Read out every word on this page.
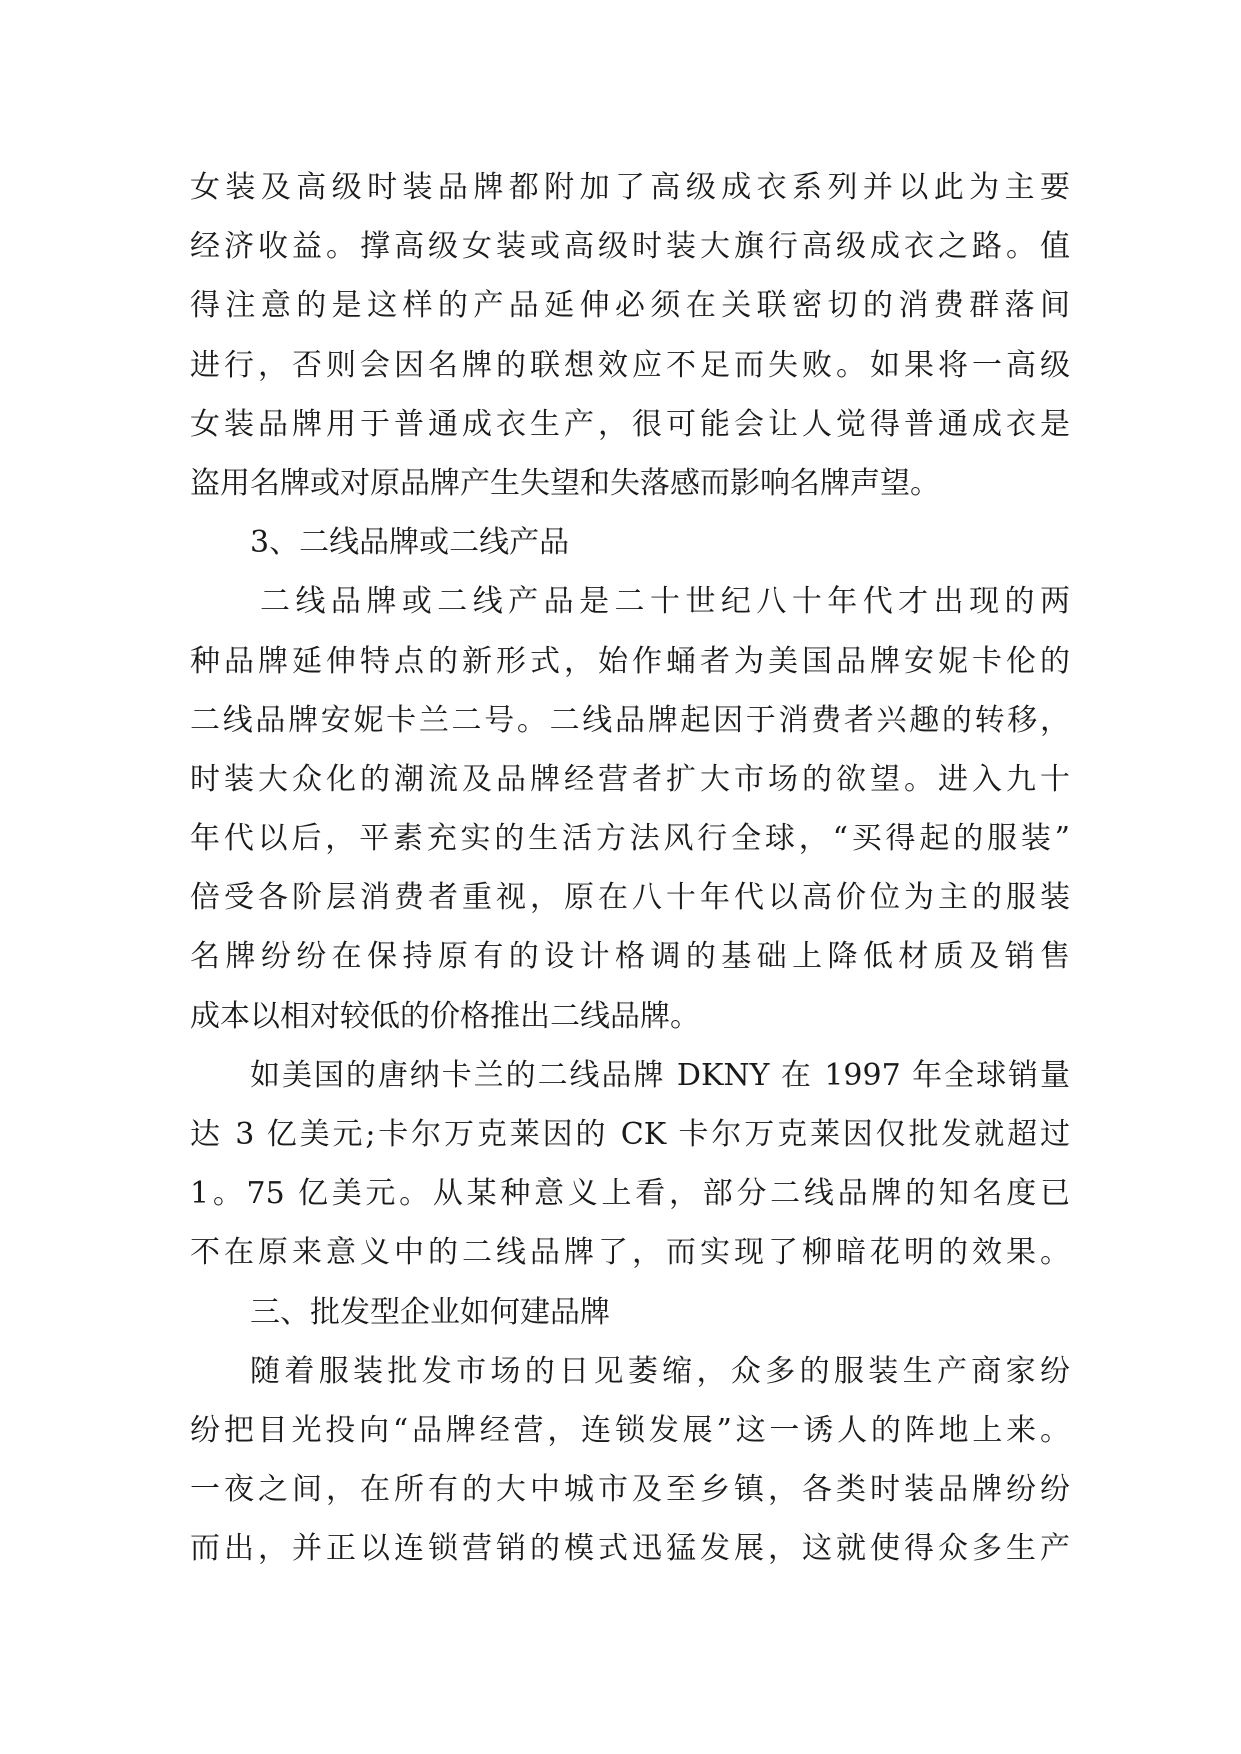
女装及高级时装品牌都附加了高级成衣系列并以此为主要
经济收益。撑高级女装或高级时装大旗行高级成衣之路。值
得注意的是这样的产品延伸必须在关联密切的消费群落间
进行，否则会因名牌的联想效应不足而失败。如果将一高级
女装品牌用于普通成衣生产，很可能会让人觉得普通成衣是
盗用名牌或对原品牌产生失望和失落感而影响名牌声望。
3、二线品牌或二线产品
二线品牌或二线产品是二十世纪八十年代才出现的两
种品牌延伸特点的新形式，始作蛹者为美国品牌安妮卡伦的
二线品牌安妮卡兰二号。二线品牌起因于消费者兴趣的转移，
时装大众化的潮流及品牌经营者扩大市场的欲望。进入九十
年代以后，平素充实的生活方法风行全球，“买得起的服装”
倍受各阶层消费者重视，原在八十年代以高价位为主的服装
名牌纷纷在保持原有的设计格调的基础上降低材质及销售
成本以相对较低的价格推出二线品牌。
如美国的唐纳卡兰的二线品牌 DKNY 在 1997 年全球销量
达 3 亿美元;卡尔万克莱因的 CK 卡尔万克莱因仅批发就超过
1。75 亿美元。从某种意义上看，部分二线品牌的知名度已
不在原来意义中的二线品牌了，而实现了柳暗花明的效果。
三、批发型企业如何建品牌
随着服装批发市场的日见萎缩，众多的服装生产商家纷
纷把目光投向“品牌经营，连锁发展”这一诱人的阵地上来。
一夜之间，在所有的大中城市及至乡镇，各类时装品牌纷纷
而出，并正以连锁营销的模式迅猛发展，这就使得众多生产
